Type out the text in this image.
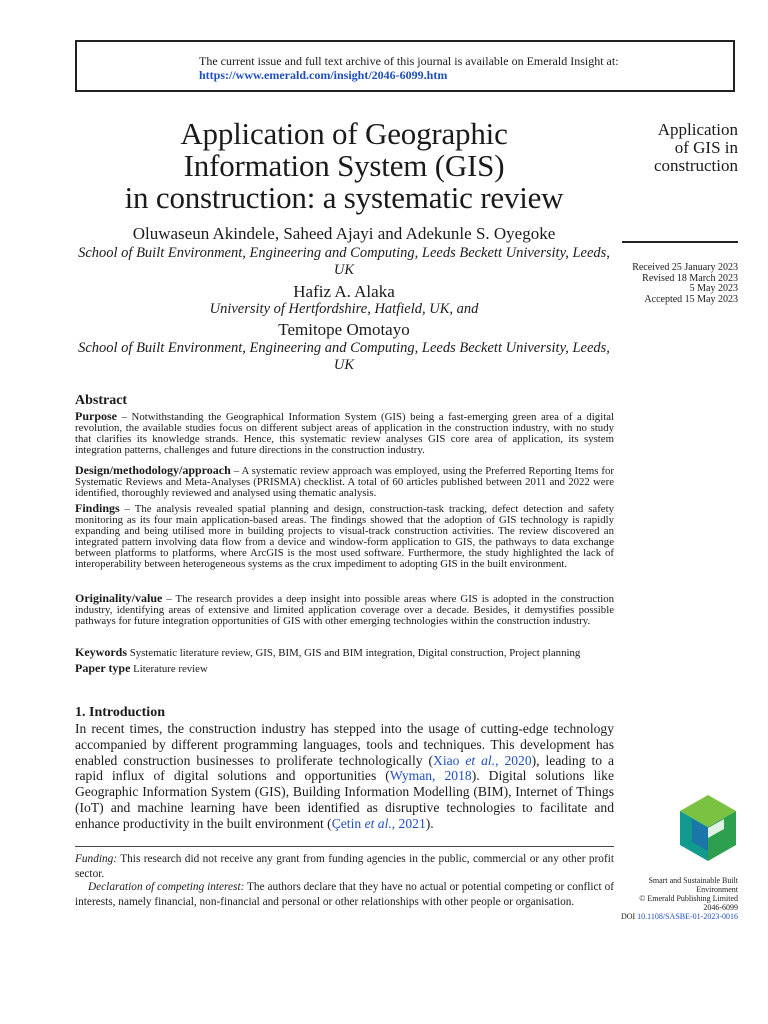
The current issue and full text archive of this journal is available on Emerald Insight at:
https://www.emerald.com/insight/2046-6099.htm
Application of Geographic
Information System (GIS)
in construction: a systematic review
Oluwaseun Akindele, Saheed Ajayi and Adekunle S. Oyegoke
School of Built Environment, Engineering and Computing, Leeds Beckett University, Leeds, UK
Hafiz A. Alaka
University of Hertfordshire, Hatfield, UK, and
Temitope Omotayo
School of Built Environment, Engineering and Computing, Leeds Beckett University, Leeds, UK
Application
of GIS in
construction
Received 25 January 2023
Revised 18 March 2023
5 May 2023
Accepted 15 May 2023
Smart and Sustainable Built
Environment
© Emerald Publishing Limited
2046-6099
DOI 10.1108/SASBE-01-2023-0016
Abstract
Purpose – Notwithstanding the Geographical Information System (GIS) being a fast-emerging green area of a digital revolution, the available studies focus on different subject areas of application in the construction industry, with no study that clarifies its knowledge strands. Hence, this systematic review analyses GIS core area of application, its system integration patterns, challenges and future directions in the construction industry.
Design/methodology/approach – A systematic review approach was employed, using the Preferred Reporting Items for Systematic Reviews and Meta-Analyses (PRISMA) checklist. A total of 60 articles published between 2011 and 2022 were identified, thoroughly reviewed and analysed using thematic analysis.
Findings – The analysis revealed spatial planning and design, construction-task tracking, defect detection and safety monitoring as its four main application-based areas. The findings showed that the adoption of GIS technology is rapidly expanding and being utilised more in building projects to visual-track construction activities. The review discovered an integrated pattern involving data flow from a device and window-form application to GIS, the pathways to data exchange between platforms to platforms, where ArcGIS is the most used software. Furthermore, the study highlighted the lack of interoperability between heterogeneous systems as the crux impediment to adopting GIS in the built environment.
Originality/value – The research provides a deep insight into possible areas where GIS is adopted in the construction industry, identifying areas of extensive and limited application coverage over a decade. Besides, it demystifies possible pathways for future integration opportunities of GIS with other emerging technologies within the construction industry.
Keywords Systematic literature review, GIS, BIM, GIS and BIM integration, Digital construction, Project planning
Paper type Literature review
1. Introduction
In recent times, the construction industry has stepped into the usage of cutting-edge technology accompanied by different programming languages, tools and techniques. This development has enabled construction businesses to proliferate technologically (Xiao et al., 2020), leading to a rapid influx of digital solutions and opportunities (Wyman, 2018). Digital solutions like Geographic Information System (GIS), Building Information Modelling (BIM), Internet of Things (IoT) and machine learning have been identified as disruptive technologies to facilitate and enhance productivity in the built environment (Çetin et al., 2021).
Funding: This research did not receive any grant from funding agencies in the public, commercial or any other profit sector.
Declaration of competing interest: The authors declare that they have no actual or potential competing or conflict of interests, namely financial, non-financial and personal or other relationships with other people or organisation.
